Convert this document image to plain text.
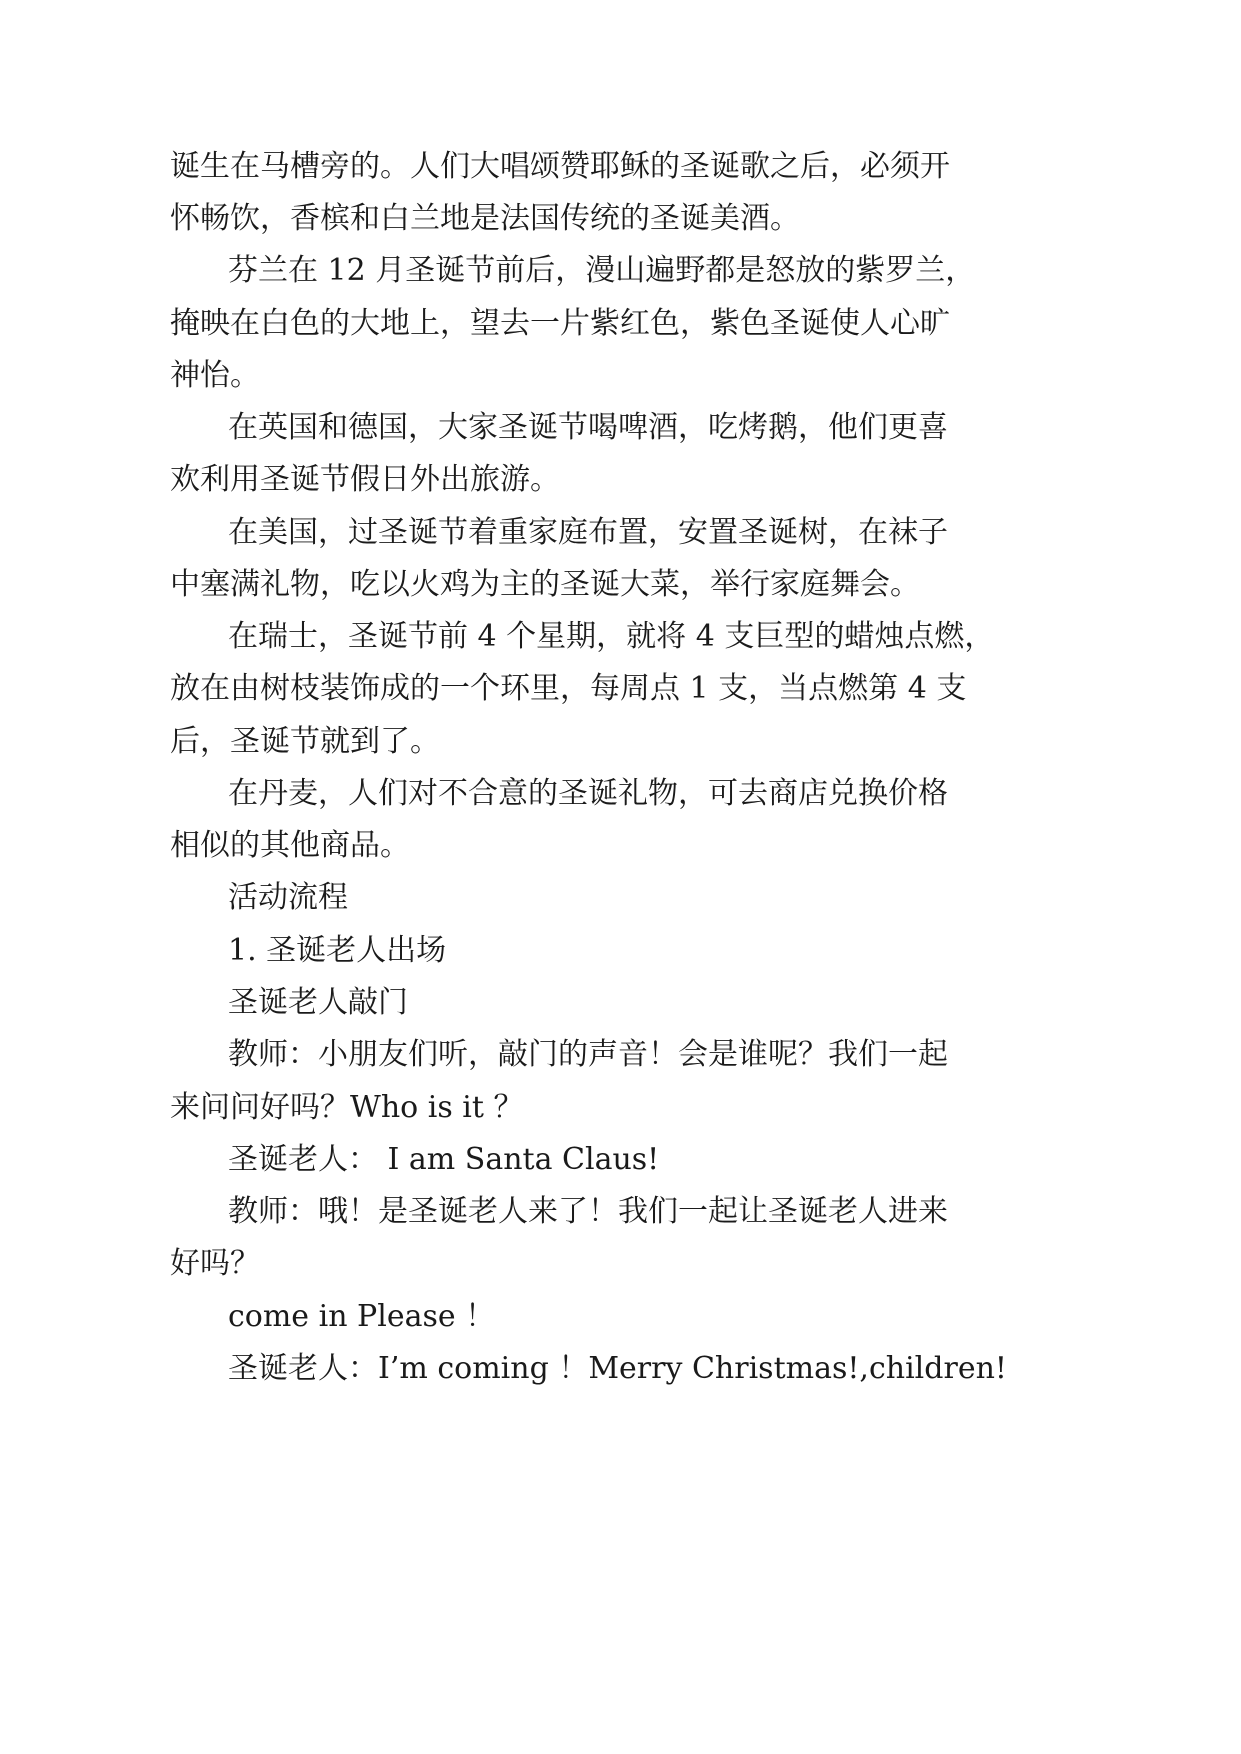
诞生在马槽旁的。人们大唱颂赞耶稣的圣诞歌之后，必须开
怀畅饮，香槟和白兰地是法国传统的圣诞美酒。
芬兰在 12 月圣诞节前后，漫山遍野都是怒放的紫罗兰，
掩映在白色的大地上，望去一片紫红色，紫色圣诞使人心旷
神怡。
在英国和德国，大家圣诞节喝啤酒，吃烤鹅，他们更喜
欢利用圣诞节假日外出旅游。
在美国，过圣诞节着重家庭布置，安置圣诞树，在袜子
中塞满礼物，吃以火鸡为主的圣诞大菜，举行家庭舞会。
在瑞士，圣诞节前 4 个星期，就将 4 支巨型的蜡烛点燃，
放在由树枝装饰成的一个环里，每周点 1 支，当点燃第 4 支
后，圣诞节就到了。
在丹麦，人们对不合意的圣诞礼物，可去商店兑换价格
相似的其他商品。
活动流程
1. 圣诞老人出场
圣诞老人敲门
教师：小朋友们听，敲门的声音！会是谁呢？我们一起
来问问好吗？Who is it ？
圣诞老人： I am Santa Claus!
教师：哦！是圣诞老人来了！我们一起让圣诞老人进来
好吗？
come in Please ！
圣诞老人：I’m coming ！Merry Christmas!,children!
